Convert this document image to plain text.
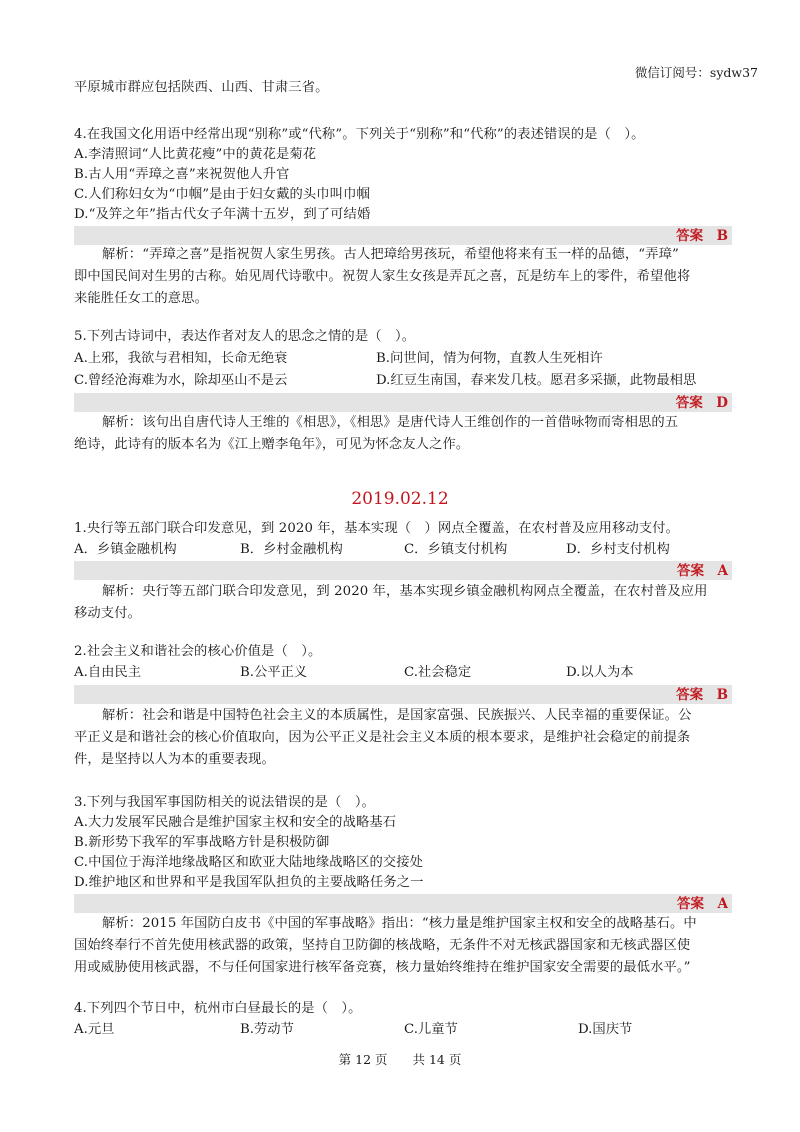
微信订阅号：sydw37
平原城市群应包括陕西、山西、甘肃三省。
4.在我国文化用语中经常出现“别称”或“代称”。下列关于“别称”和“代称”的表述错误的是（　）。
A.李清照词“人比黄花瘦”中的黄花是菊花
B.古人用“弄璋之喜”来祝贺他人升官
C.人们称妇女为“巾帼”是由于妇女戴的头巾叫巾帼
D.“及笄之年”指古代女子年满十五岁，到了可结婚
答案　B
解析：“弄璋之喜”是指祝贺人家生男孩。古人把璋给男孩玩，希望他将来有玉一样的品德，“弄璋”
即中国民间对生男的古称。始见周代诗歌中。祝贺人家生女孩是弄瓦之喜，瓦是纺车上的零件，希望他将
来能胜任女工的意思。
5.下列古诗词中，表达作者对友人的思念之情的是（　）。
A.上邪，我欲与君相知，长命无绝衰	B.问世间，情为何物，直教人生死相许
C.曾经沧海难为水，除却巫山不是云	D.红豆生南国，春来发几枝。愿君多采撷，此物最相思
答案　D
解析：该句出自唐代诗人王维的《相思》，《相思》是唐代诗人王维创作的一首借咏物而寄相思的五
绝诗，此诗有的版本名为《江上赠李龟年》，可见为怀念友人之作。
2019.02.12
1.央行等五部门联合印发意见，到 2020 年，基本实现（　）网点全覆盖，在农村普及应用移动支付。
A．乡镇金融机构	B．乡村金融机构	C．乡镇支付机构	D．乡村支付机构
答案　A
解析：央行等五部门联合印发意见，到 2020 年，基本实现乡镇金融机构网点全覆盖，在农村普及应用
移动支付。
2.社会主义和谐社会的核心价值是（　）。
A.自由民主	B.公平正义	C.社会稳定	D.以人为本
答案　B
解析：社会和谐是中国特色社会主义的本质属性，是国家富强、民族振兴、人民幸福的重要保证。公
平正义是和谐社会的核心价值取向，因为公平正义是社会主义本质的根本要求，是维护社会稳定的前提条
件，是坚持以人为本的重要表现。
3.下列与我国军事国防相关的说法错误的是（　）。
A.大力发展军民融合是维护国家主权和安全的战略基石
B.新形势下我军的军事战略方针是积极防御
C.中国位于海洋地缘战略区和欧亚大陆地缘战略区的交接处
D.维护地区和世界和平是我国军队担负的主要战略任务之一
答案　A
解析：2015 年国防白皮书《中国的军事战略》指出：“核力量是维护国家主权和安全的战略基石。中
国始终奉行不首先使用核武器的政策，坚持自卫防御的核战略，无条件不对无核武器国家和无核武器区使
用或威胁使用核武器，不与任何国家进行核军备竞赛，核力量始终维持在维护国家安全需要的最低水平。”
4.下列四个节日中，杭州市白昼最长的是（　）。
A.元旦	B.劳动节	C.儿童节	D.国庆节
第 12 页　　共 14 页
